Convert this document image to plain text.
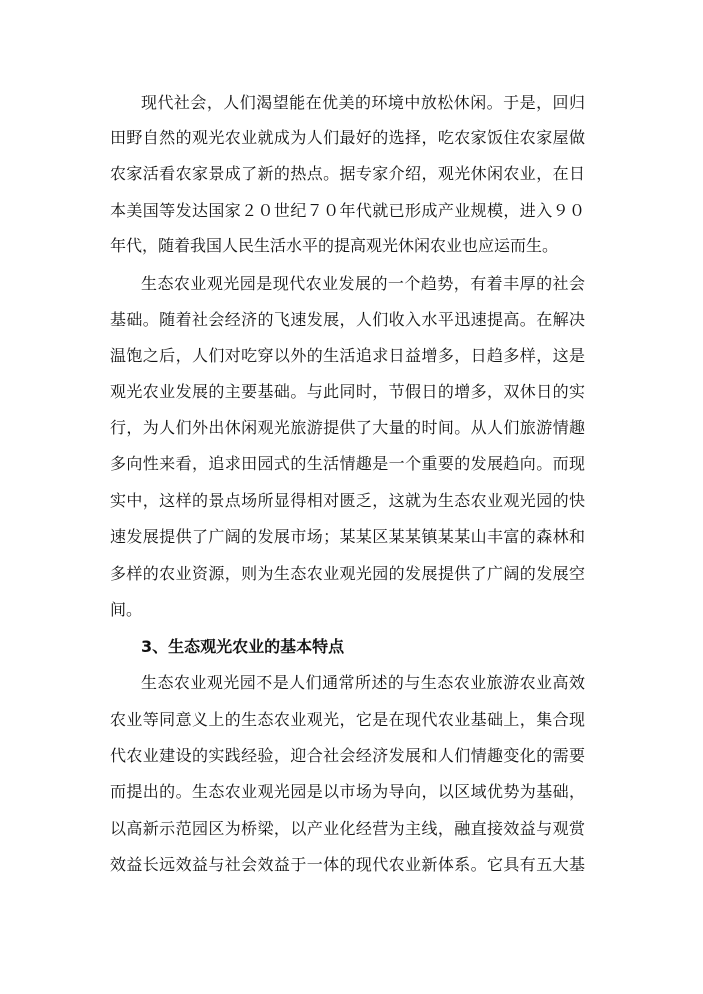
现代社会，人们渴望能在优美的环境中放松休闲。于是，回归
田野自然的观光农业就成为人们最好的选择，吃农家饭住农家屋做
农家活看农家景成了新的热点。据专家介绍，观光休闲农业，在日
本美国等发达国家２０世纪７０年代就已形成产业规模，进入９０
年代，随着我国人民生活水平的提高观光休闲农业也应运而生。
生态农业观光园是现代农业发展的一个趋势，有着丰厚的社会
基础。随着社会经济的飞速发展，人们收入水平迅速提高。在解决
温饱之后，人们对吃穿以外的生活追求日益增多，日趋多样，这是
观光农业发展的主要基础。与此同时，节假日的增多，双休日的实
行，为人们外出休闲观光旅游提供了大量的时间。从人们旅游情趣
多向性来看，追求田园式的生活情趣是一个重要的发展趋向。而现
实中，这样的景点场所显得相对匮乏，这就为生态农业观光园的快
速发展提供了广阔的发展市场；某某区某某镇某某山丰富的森林和
多样的农业资源，则为生态农业观光园的发展提供了广阔的发展空
间。
3、生态观光农业的基本特点
生态农业观光园不是人们通常所述的与生态农业旅游农业高效
农业等同意义上的生态农业观光，它是在现代农业基础上，集合现
代农业建设的实践经验，迎合社会经济发展和人们情趣变化的需要
而提出的。生态农业观光园是以市场为导向，以区域优势为基础，
以高新示范园区为桥梁，以产业化经营为主线，融直接效益与观赏
效益长远效益与社会效益于一体的现代农业新体系。它具有五大基
